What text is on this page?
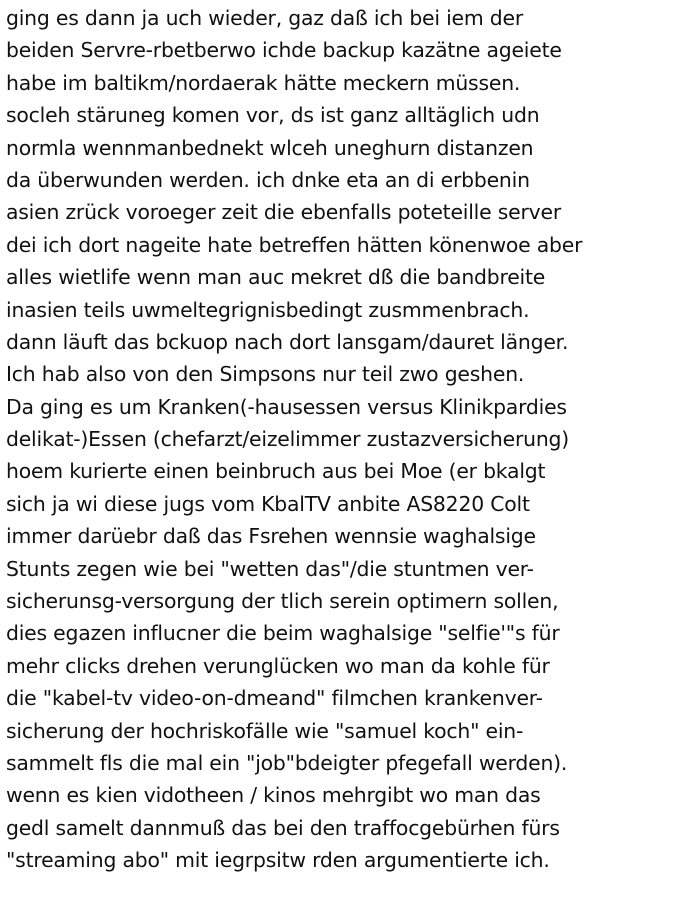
ging es dann ja uch wieder, gaz daß ich bei iem der
beiden Servre-rbetberwo ichde backup kazätne ageiete
habe im baltikm/nordaerak hätte meckern müssen.
socleh stäruneg komen vor, ds ist ganz alltäglich udn
normla wennmanbednekt wlceh uneghurn distanzen
da überwunden werden. ich dnke eta an di erbbenin
asien zrück voroeger zeit die ebenfalls poteteille server
dei ich dort nageite hate betreffen hätten könenwoe aber
alles wietlife wenn man auc mekret dß die bandbreite
inasien teils uwmeltegrignisbedingt zusmmenbrach.
dann läuft das bckuop nach dort lansgam/dauret länger.
Ich hab also von den Simpsons nur teil zwo geshen.
Da ging es um Kranken(-hausessen versus Klinikpardies
delikat-)Essen (chefarzt/eizelimmer zustazversicherung)
hoem kurierte einen beinbruch aus bei Moe (er bkalgt
sich ja wi diese jugs vom KbalTV anbite AS8220 Colt
immer darüebr daß das Fsrehen wennsie waghalsige
Stunts zegen wie bei "wetten das"/die stuntmen ver-
sicherunsg-versorgung der tlich serein optimern sollen,
dies egazen influcner die beim waghalsige "selfie'"s für
mehr clicks drehen verunglücken wo man da kohle für
die "kabel-tv video-on-dmeand" filmchen krankenver-
sicherung der hochriskofälle wie "samuel koch" ein-
sammelt fls die mal ein "job"bdeigter pfegefall werden).
wenn es kien vidotheen / kinos mehrgibt wo man das
gedl samelt dannmuß das bei den traffocgebürhen fürs
"streaming abo" mit iegrpsitw rden argumentierte ich.
